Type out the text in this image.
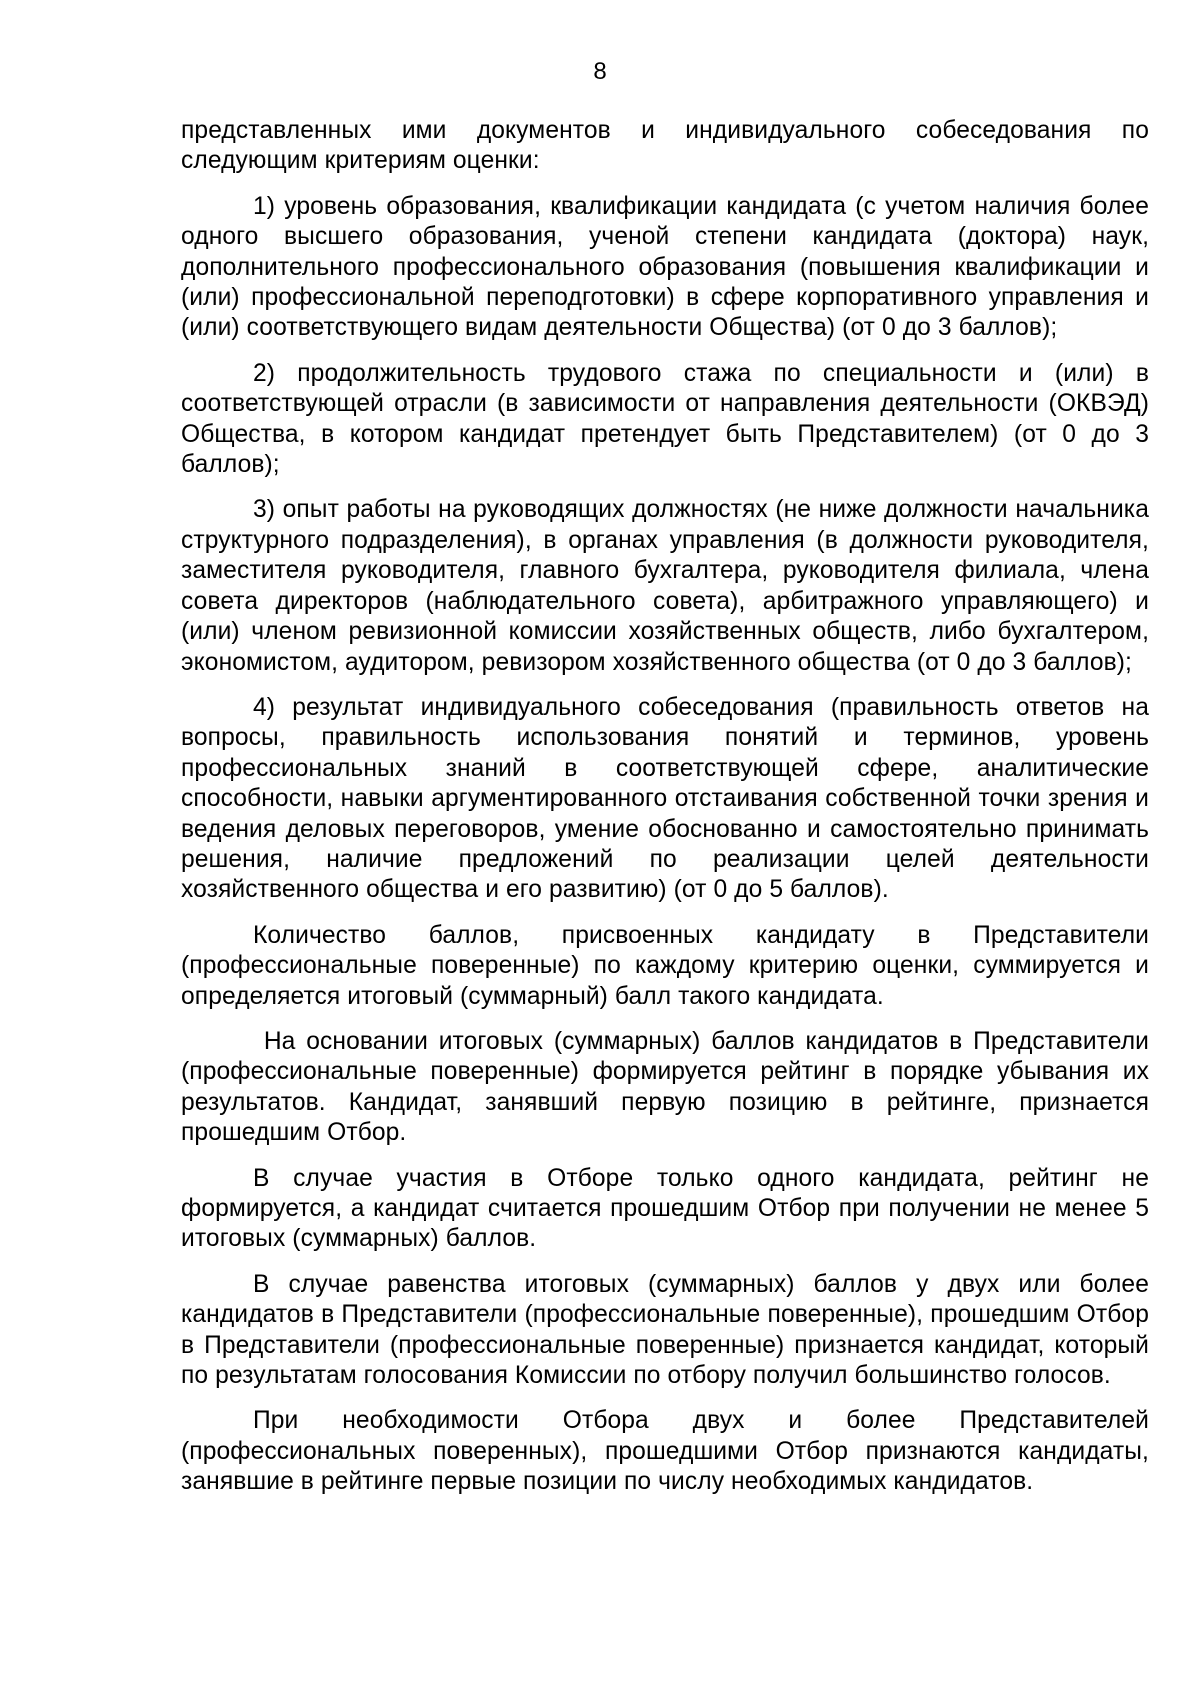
8

представленных ими документов и индивидуального собеседования по следующим критериям оценки:

1) уровень образования, квалификации кандидата (с учетом наличия более одного высшего образования, ученой степени кандидата (доктора) наук, дополнительного профессионального образования (повышения квалификации и (или) профессиональной переподготовки) в сфере корпоративного управления и (или) соответствующего видам деятельности Общества) (от 0 до 3 баллов);

2) продолжительность трудового стажа по специальности и (или) в соответствующей отрасли (в зависимости от направления деятельности (ОКВЭД) Общества, в котором кандидат претендует быть Представителем) (от 0 до 3 баллов);

3) опыт работы на руководящих должностях (не ниже должности начальника структурного подразделения), в органах управления (в должности руководителя, заместителя руководителя, главного бухгалтера, руководителя филиала, члена совета директоров (наблюдательного совета), арбитражного управляющего) и (или) членом ревизионной комиссии хозяйственных обществ, либо бухгалтером, экономистом, аудитором, ревизором хозяйственного общества (от 0 до 3 баллов);

4) результат индивидуального собеседования (правильность ответов на вопросы, правильность использования понятий и терминов, уровень профессиональных знаний в соответствующей сфере, аналитические способности, навыки аргументированного отстаивания собственной точки зрения и ведения деловых переговоров, умение обоснованно и самостоятельно принимать решения, наличие предложений по реализации целей деятельности хозяйственного общества и его развитию) (от 0 до 5 баллов).

Количество баллов, присвоенных кандидату в Представители (профессиональные поверенные) по каждому критерию оценки, суммируется и определяется итоговый (суммарный) балл такого кандидата.

На основании итоговых (суммарных) баллов кандидатов в Представители (профессиональные поверенные) формируется рейтинг в порядке убывания их результатов. Кандидат, занявший первую позицию в рейтинге, признается прошедшим Отбор.

В случае участия в Отборе только одного кандидата, рейтинг не формируется, а кандидат считается прошедшим Отбор при получении не менее 5 итоговых (суммарных) баллов.

В случае равенства итоговых (суммарных) баллов у двух или более кандидатов в Представители (профессиональные поверенные), прошедшим Отбор в Представители (профессиональные поверенные) признается кандидат, который по результатам голосования Комиссии по отбору получил большинство голосов.

При необходимости Отбора двух и более Представителей (профессиональных поверенных), прошедшими Отбор признаются кандидаты, занявшие в рейтинге первые позиции по числу необходимых кандидатов.
